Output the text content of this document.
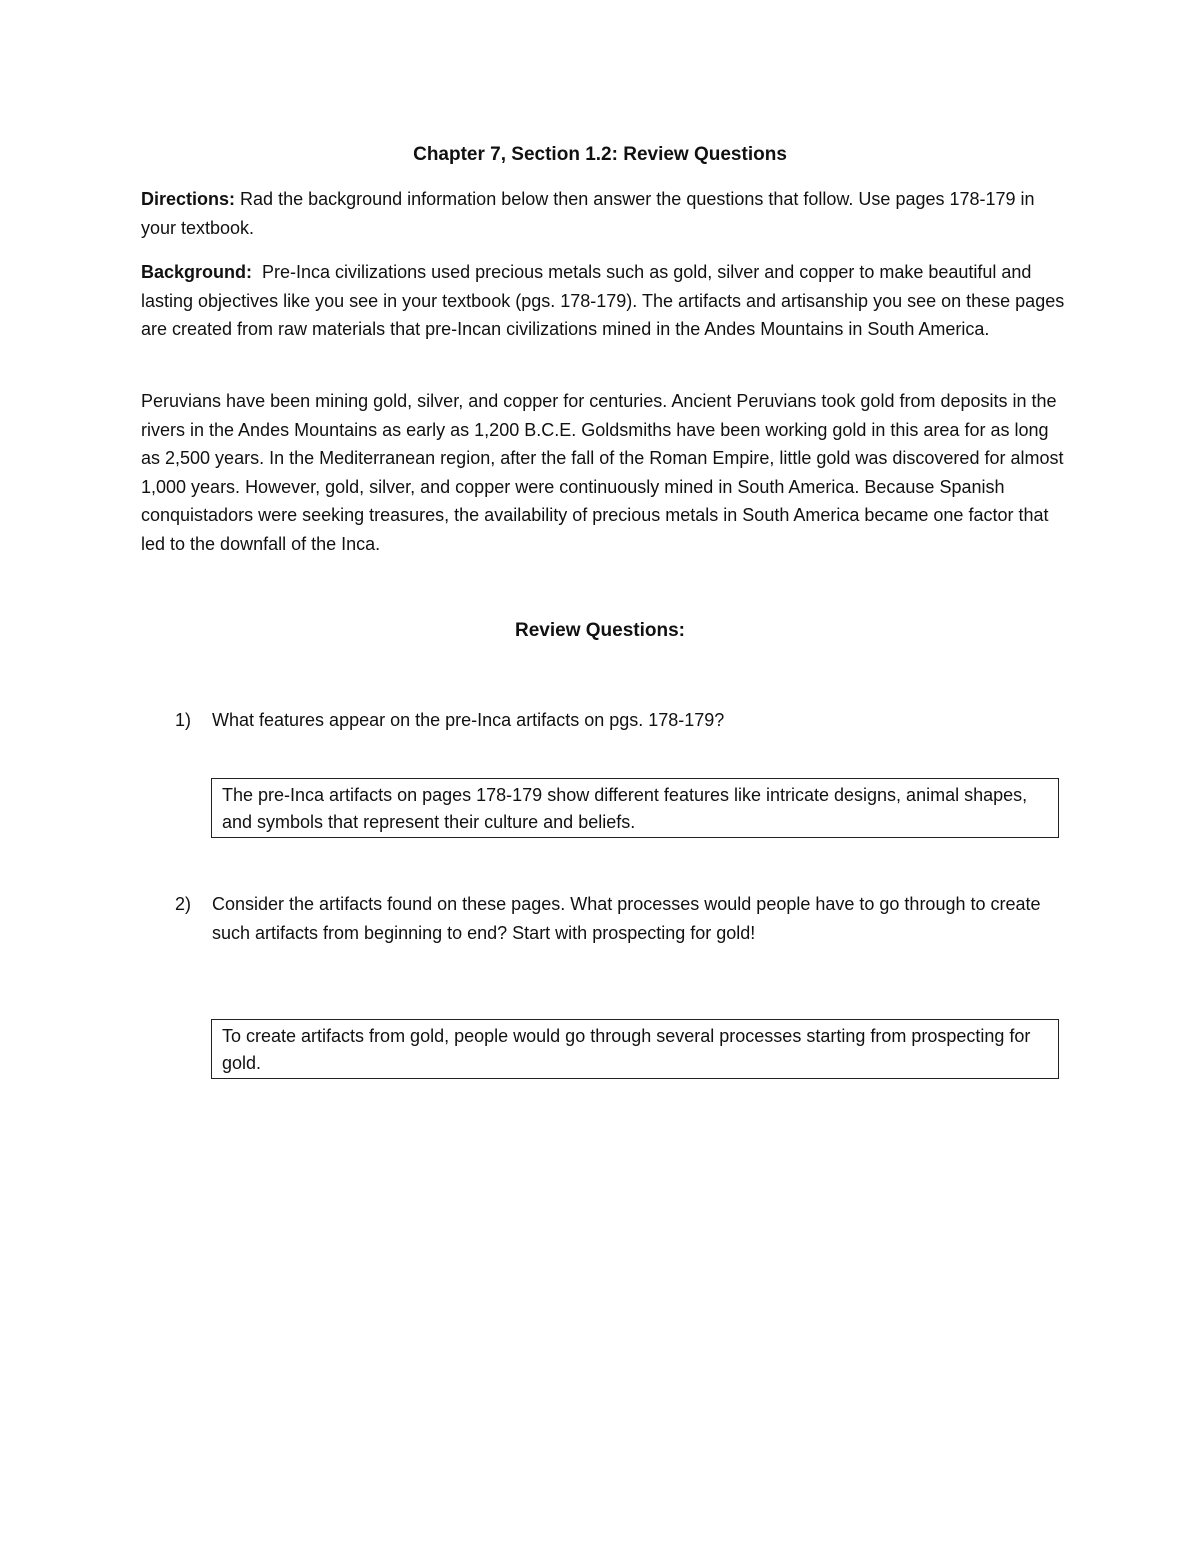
Chapter 7, Section 1.2: Review Questions

Directions: Rad the background information below then answer the questions that follow. Use pages 178-179 in your textbook.

Background: Pre-Inca civilizations used precious metals such as gold, silver and copper to make beautiful and lasting objectives like you see in your textbook (pgs. 178-179). The artifacts and artisanship you see on these pages are created from raw materials that pre-Incan civilizations mined in the Andes Mountains in South America.

Peruvians have been mining gold, silver, and copper for centuries. Ancient Peruvians took gold from deposits in the rivers in the Andes Mountains as early as 1,200 B.C.E. Goldsmiths have been working gold in this area for as long as 2,500 years. In the Mediterranean region, after the fall of the Roman Empire, little gold was discovered for almost 1,000 years. However, gold, silver, and copper were continuously mined in South America. Because Spanish conquistadors were seeking treasures, the availability of precious metals in South America became one factor that led to the downfall of the Inca.

Review Questions:
1)	What features appear on the pre-Inca artifacts on pgs. 178-179?
The pre-Inca artifacts on pages 178-179 show different features like intricate designs, animal shapes, and symbols that represent their culture and beliefs.
2)	Consider the artifacts found on these pages. What processes would people have to go through to create such artifacts from beginning to end? Start with prospecting for gold!
To create artifacts from gold, people would go through several processes starting from prospecting for gold.
